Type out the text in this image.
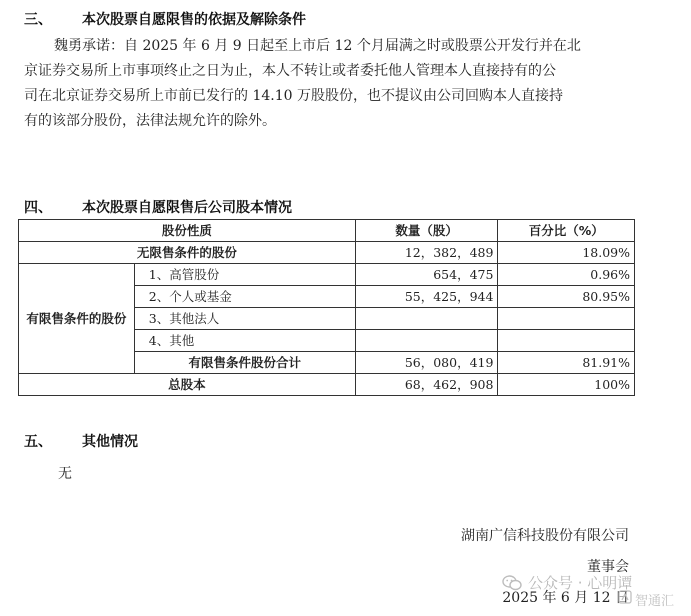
三、 本次股票自愿限售的依据及解除条件

魏勇承诺：自 2025 年 6 月 9 日起至上市后 12 个月届满之时或股票公开发行并在北

京证券交易所上市事项终止之日为止，本人不转让或者委托他人管理本人直接持有的公

司在北京证券交易所上市前已发行的 14.10 万股股份，也不提议由公司回购本人直接持

有的该部分股份，法律法规允许的除外。

四、 本次股票自愿限售后公司股本情况
股份性质		数量（股）	百分比（%）
无限售条件的股份		12，382，489	18.09%
有限售条件的股份	1、高管股份	654，475	0.96%
	2、个人或基金	55，425，944	80.95%
	3、其他法人		
	4、其他		
	有限售条件股份合计	56，080，419	81.91%
总股本		68，462，908	100%
五、 其他情况
无
湖南广信科技股份有限公司
董事会
2025 年 6 月 12 日
公众号 · 心明谭
智通汇
